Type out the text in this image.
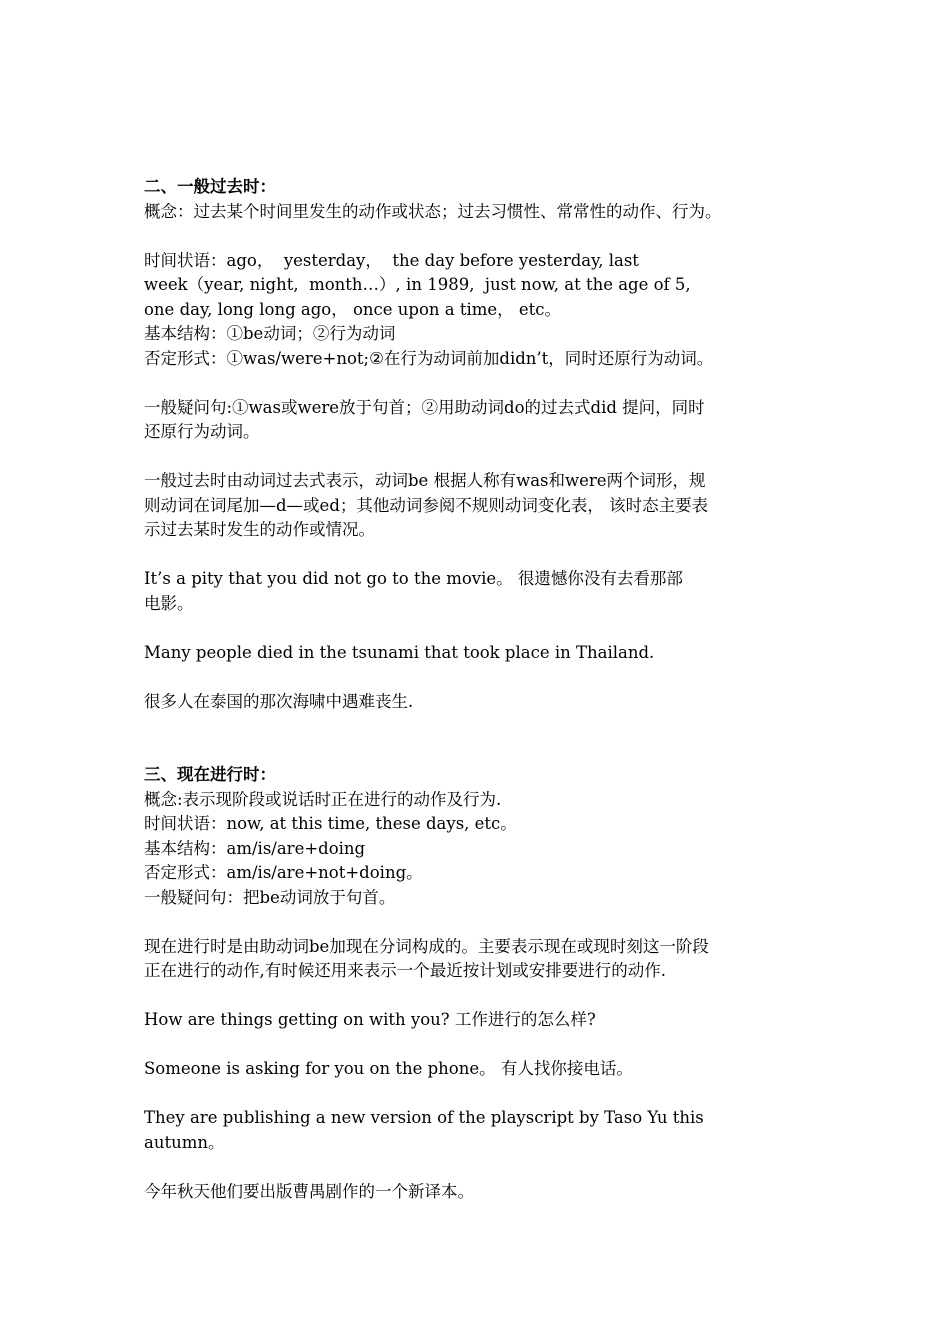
二、一般过去时：
概念：过去某个时间里发生的动作或状态；过去习惯性、常常性的动作、行为。
时间状语：ago，  yesterday，  the day before yesterday, last
week（year, night,  month…）, in 1989,  just now, at the age of 5,
one day, long long ago， once upon a time， etc。
基本结构：①be动词；②行为动词
否定形式：①was/were+not;②在行为动词前加didn’t，同时还原行为动词。
一般疑问句:①was或were放于句首；②用助动词do的过去式did 提问，同时
还原行为动词。
一般过去时由动词过去式表示，动词be 根据人称有was和were两个词形，规
则动词在词尾加—d—或ed；其他动词参阅不规则动词变化表， 该时态主要表
示过去某时发生的动作或情况。
It’s a pity that you did not go to the movie。 很遗憾你没有去看那部
电影。
Many people died in the tsunami that took place in Thailand.
很多人在泰国的那次海啸中遇难丧生.
三、现在进行时：
概念:表示现阶段或说话时正在进行的动作及行为.
时间状语：now, at this time, these days, etc。
基本结构：am/is/are+doing
否定形式：am/is/are+not+doing。
一般疑问句：把be动词放于句首。
现在进行时是由助动词be加现在分词构成的。主要表示现在或现时刻这一阶段
正在进行的动作,有时候还用来表示一个最近按计划或安排要进行的动作.
How are things getting on with you? 工作进行的怎么样?
Someone is asking for you on the phone。 有人找你接电话。
They are publishing a new version of the playscript by Taso Yu this
autumn。
今年秋天他们要出版曹禺剧作的一个新译本。
